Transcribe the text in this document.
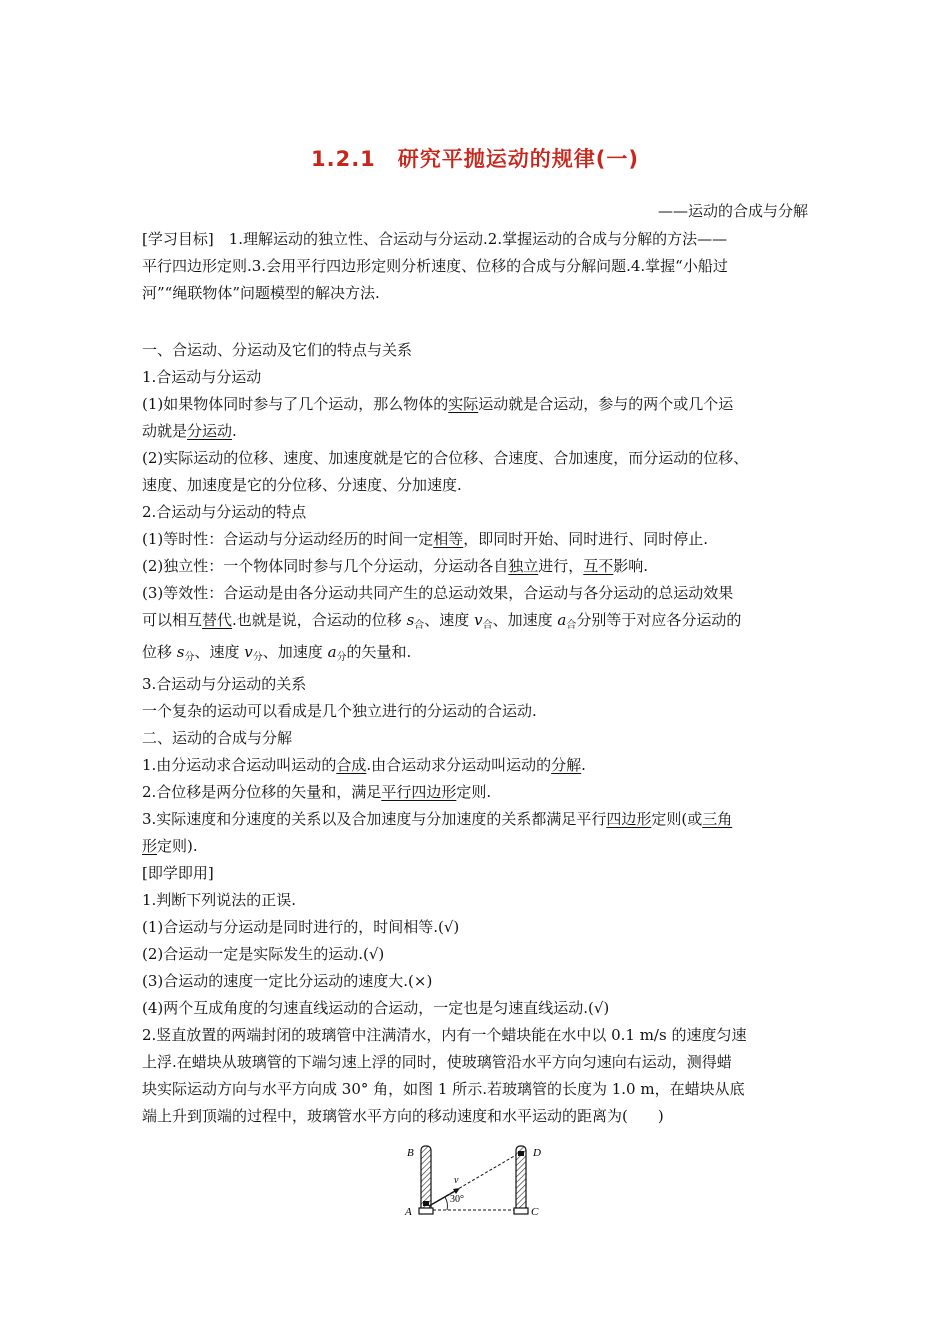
1.2.1　研究平抛运动的规律(一)
——运动的合成与分解

[学习目标]　1.理解运动的独立性、合运动与分运动.2.掌握运动的合成与分解的方法——

平行四边形定则.3.会用平行四边形定则分析速度、位移的合成与分解问题.4.掌握“小船过

河”“绳联物体”问题模型的解决方法.

一、合运动、分运动及它们的特点与关系

1.合运动与分运动

(1)如果物体同时参与了几个运动，那么物体的实际运动就是合运动，参与的两个或几个运

动就是分运动.

(2)实际运动的位移、速度、加速度就是它的合位移、合速度、合加速度，而分运动的位移、

速度、加速度是它的分位移、分速度、分加速度.

2.合运动与分运动的特点

(1)等时性：合运动与分运动经历的时间一定相等，即同时开始、同时进行、同时停止.

(2)独立性：一个物体同时参与几个分运动，分运动各自独立进行，互不影响.

(3)等效性：合运动是由各分运动共同产生的总运动效果，合运动与各分运动的总运动效果

可以相互替代.也就是说，合运动的位移 $s_合$、速度 $v_合$、加速度 $a_合$分别等于对应各分运动的

位移 $s_分$、速度 $v_分$、加速度 $a_分$的矢量和.

3.合运动与分运动的关系

一个复杂的运动可以看成是几个独立进行的分运动的合运动.

二、运动的合成与分解

1.由分运动求合运动叫运动的合成.由合运动求分运动叫运动的分解.

2.合位移是两分位移的矢量和，满足平行四边形定则.

3.实际速度和分速度的关系以及合加速度与分加速度的关系都满足平行四边形定则(或三角

形定则).

[即学即用]

1.判断下列说法的正误.

(1)合运动与分运动是同时进行的，时间相等.(√)

(2)合运动一定是实际发生的运动.(√)

(3)合运动的速度一定比分运动的速度大.(×)

(4)两个互成角度的匀速直线运动的合运动，一定也是匀速直线运动.(√)

2.竖直放置的两端封闭的玻璃管中注满清水，内有一个蜡块能在水中以 0.1 m/s 的速度匀速

上浮.在蜡块从玻璃管的下端匀速上浮的同时，使玻璃管沿水平方向匀速向右运动，测得蜡

块实际运动方向与水平方向成 30° 角，如图 1 所示.若玻璃管的长度为 1.0 m，在蜡块从底

端上升到顶端的过程中，玻璃管水平方向的移动速度和水平运动的距离为(　　)

B
A	C
D
v
30°
